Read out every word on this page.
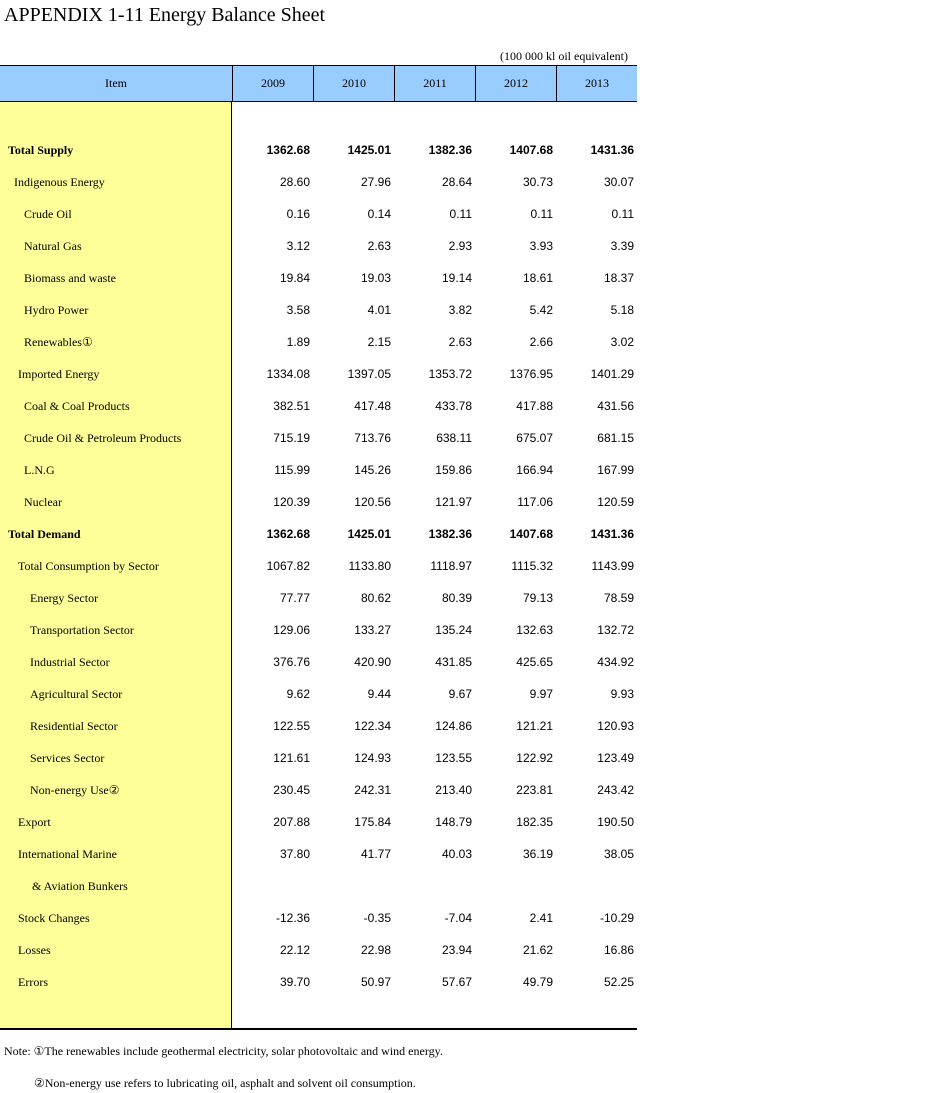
APPENDIX 1-11 Energy Balance Sheet
(100 000 kl oil equivalent)
Item	2009	2010	2011	2012	2013
Total Supply	1362.68	1425.01	1382.36	1407.68	1431.36
Indigenous Energy	28.60	27.96	28.64	30.73	30.07
Crude Oil	0.16	0.14	0.11	0.11	0.11
Natural Gas	3.12	2.63	2.93	3.93	3.39
Biomass and waste	19.84	19.03	19.14	18.61	18.37
Hydro Power	3.58	4.01	3.82	5.42	5.18
Renewables①	1.89	2.15	2.63	2.66	3.02
Imported Energy	1334.08	1397.05	1353.72	1376.95	1401.29
Coal & Coal Products	382.51	417.48	433.78	417.88	431.56
Crude Oil & Petroleum Products	715.19	713.76	638.11	675.07	681.15
L.N.G	115.99	145.26	159.86	166.94	167.99
Nuclear	120.39	120.56	121.97	117.06	120.59
Total Demand	1362.68	1425.01	1382.36	1407.68	1431.36
Total Consumption by Sector	1067.82	1133.80	1118.97	1115.32	1143.99
Energy Sector	77.77	80.62	80.39	79.13	78.59
Transportation Sector	129.06	133.27	135.24	132.63	132.72
Industrial Sector	376.76	420.90	431.85	425.65	434.92
Agricultural Sector	9.62	9.44	9.67	9.97	9.93
Residential Sector	122.55	122.34	124.86	121.21	120.93
Services Sector	121.61	124.93	123.55	122.92	123.49
Non-energy Use②	230.45	242.31	213.40	223.81	243.42
Export	207.88	175.84	148.79	182.35	190.50
International Marine	37.80	41.77	40.03	36.19	38.05
& Aviation Bunkers
Stock Changes	-12.36	-0.35	-7.04	2.41	-10.29
Losses	22.12	22.98	23.94	21.62	16.86
Errors	39.70	50.97	57.67	49.79	52.25
Note: ①The renewables include geothermal electricity, solar photovoltaic and wind energy.
②Non-energy use refers to lubricating oil, asphalt and solvent oil consumption.
